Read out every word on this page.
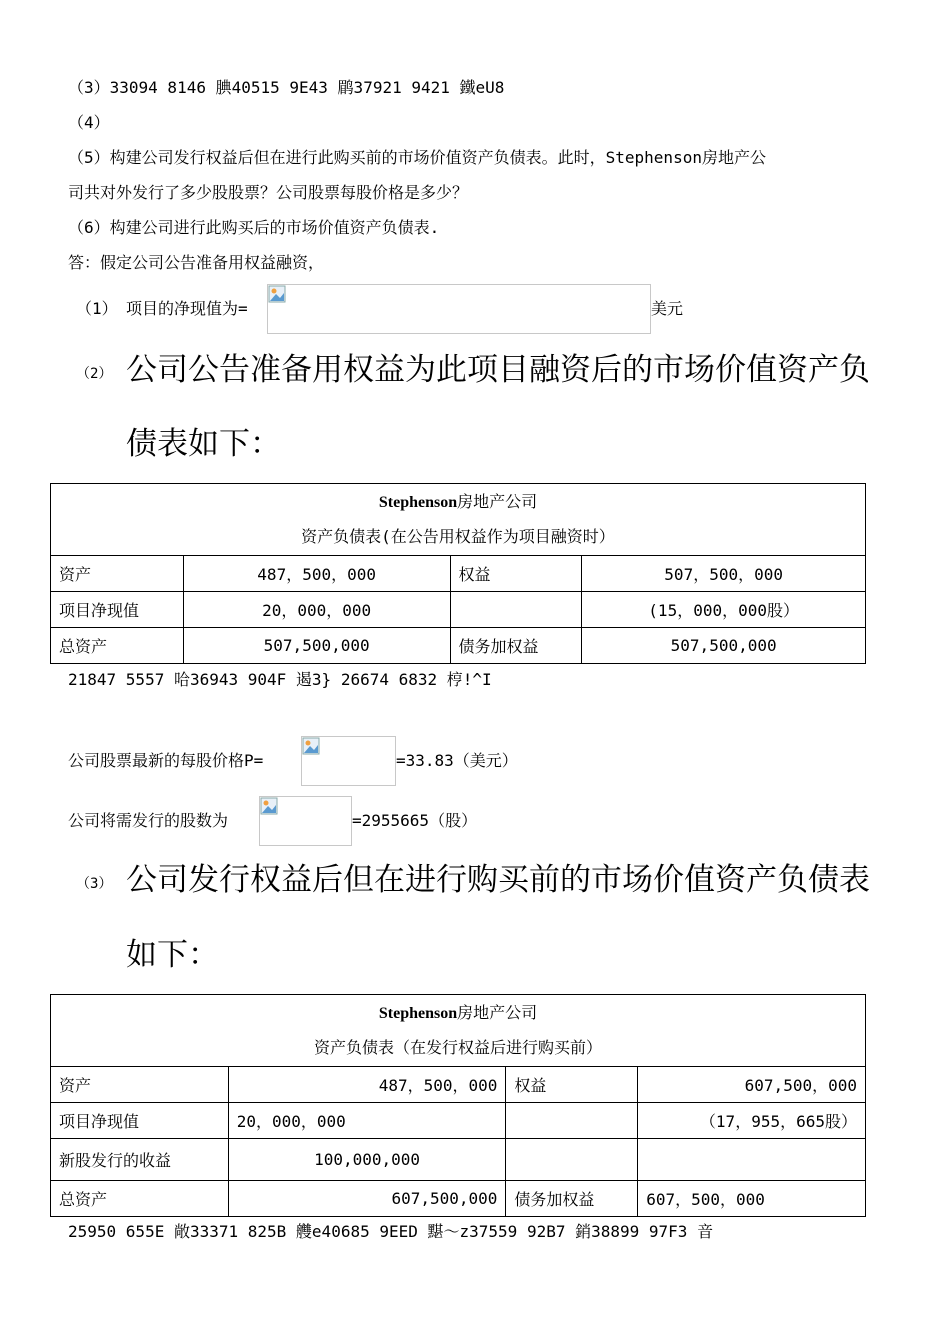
（3）33094 8146 腆40515 9E43 鹛37921 9421 鐵eU8
（4）
（5）构建公司发行权益后但在进行此购买前的市场价值资产负债表。此时，Stephenson房地产公
司共对外发行了多少股股票？公司股票每股价格是多少？
（6）构建公司进行此购买后的市场价值资产负债表.
答：假定公司公告准备用权益融资，
（1） 项目的净现值为=	美元
（2） 公司公告准备用权益为此项目融资后的市场价值资产负
债表如下：
Stephenson房地产公司
资产负债表(在公告用权益作为项目融资时）			

资产	487，500，000	权益	507，500，000
项目净现值	20，000，000		(15，000，000股）
总资产	507,500,000	债务加权益	507,500,000
21847 5557 哈36943 904F 遏3} 26674 6832 梈!^I
公司股票最新的每股价格P=	=33.83（美元）
公司将需发行的股数为	=2955665（股）
（3） 公司发行权益后但在进行购买前的市场价值资产负债表
如下：
Stephenson房地产公司
资产负债表（在发行权益后进行购买前）			

资产	487，500，000	权益	607,500，000
项目净现值	20，000，000		（17，955，665股）
新股发行的收益	100,000,000		
总资产	607,500,000	债务加权益	607，500，000
25950 655E 敞33371 825B 艭e40685 9EED 黮～z37559 92B7 銷38899 97F3 音
